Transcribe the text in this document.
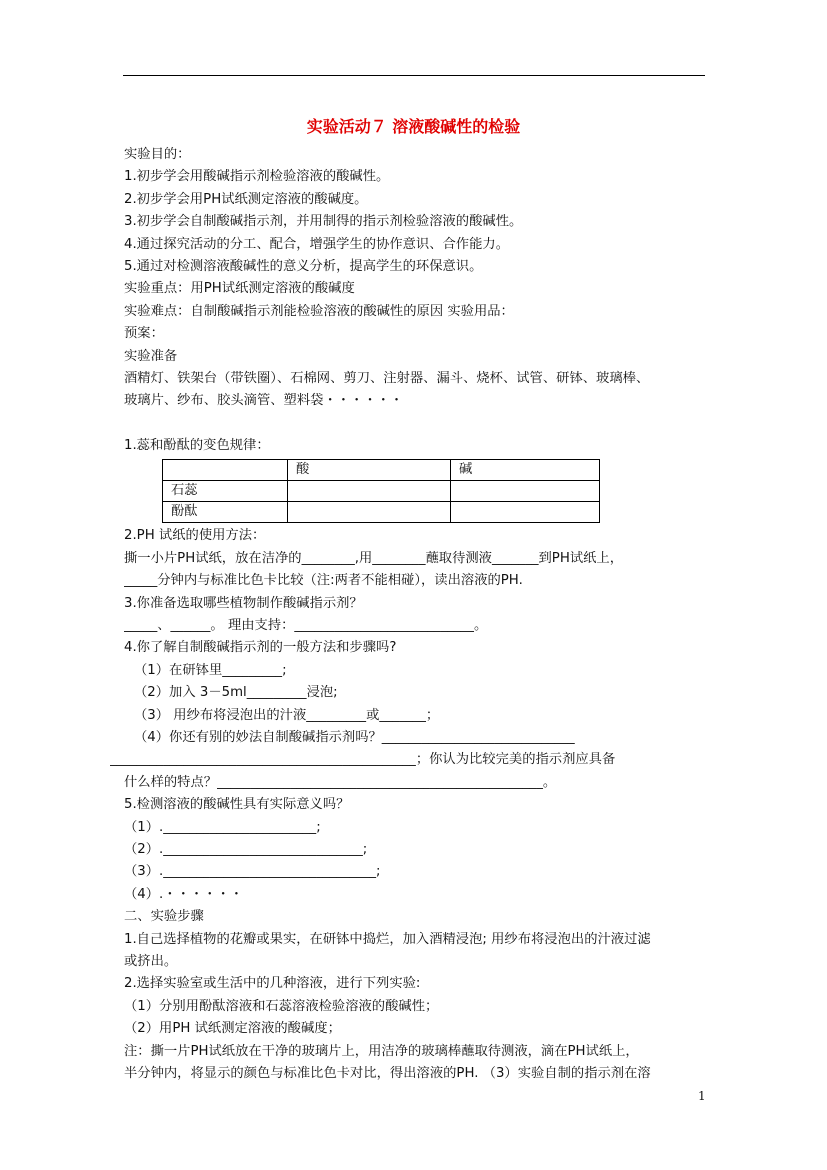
实验活动７ 溶液酸碱性的检验
实验目的：
1.初步学会用酸碱指示剂检验溶液的酸碱性。
2.初步学会用PH试纸测定溶液的酸碱度。
3.初步学会自制酸碱指示剂，并用制得的指示剂检验溶液的酸碱性。
4.通过探究活动的分工、配合，增强学生的协作意识、合作能力。
5.通过对检测溶液酸碱性的意义分析，提高学生的环保意识。
实验重点：用PH试纸测定溶液的酸碱度
实验难点：自制酸碱指示剂能检验溶液的酸碱性的原因 实验用品：
预案：
实验准备
酒精灯、铁架台（带铁圈）、石棉网、剪刀、注射器、漏斗、烧杯、试管、研钵、玻璃棒、
玻璃片、纱布、胶头滴管、塑料袋・・・・・・
1.蕊和酚酞的变色规律：
	酸	碱
石蕊		
酚酞		
2.PH 试纸的使用方法：
撕一小片PH试纸，放在洁净的________,用________蘸取待测液_______到PH试纸上，
_____分钟内与标准比色卡比较（注:两者不能相碰），读出溶液的PH.
3.你准备选取哪些植物制作酸碱指示剂？
_____、______。 理由支持：___________________________。
4.你了解自制酸碱指示剂的一般方法和步骤吗?
（1）在研钵里_________;
（2）加入 3－5ml_________浸泡;
（3） 用纱布将浸泡出的汁液_________或_______；
（4）你还有别的妙法自制酸碱指示剂吗？_____________________________
______________________________________________；你认为比较完美的指示剂应具备
什么样的特点？_________________________________________________。
5.检测溶液的酸碱性具有实际意义吗？
（1）._______________________;
（2）.______________________________;
（3）.________________________________;
（4）.・・・・・・
二、实验步骤
1.自己选择植物的花瓣或果实，在研钵中捣烂，加入酒精浸泡; 用纱布将浸泡出的汁液过滤
或挤出。
2.选择实验室或生活中的几种溶液，进行下列实验:
（1）分别用酚酞溶液和石蕊溶液检验溶液的酸碱性；
（2）用PH 试纸测定溶液的酸碱度；
注：撕一片PH试纸放在干净的玻璃片上，用洁净的玻璃棒蘸取待测液，滴在PH试纸上，
半分钟内，将显示的颜色与标准比色卡对比，得出溶液的PH. （3）实验自制的指示剂在溶
1
